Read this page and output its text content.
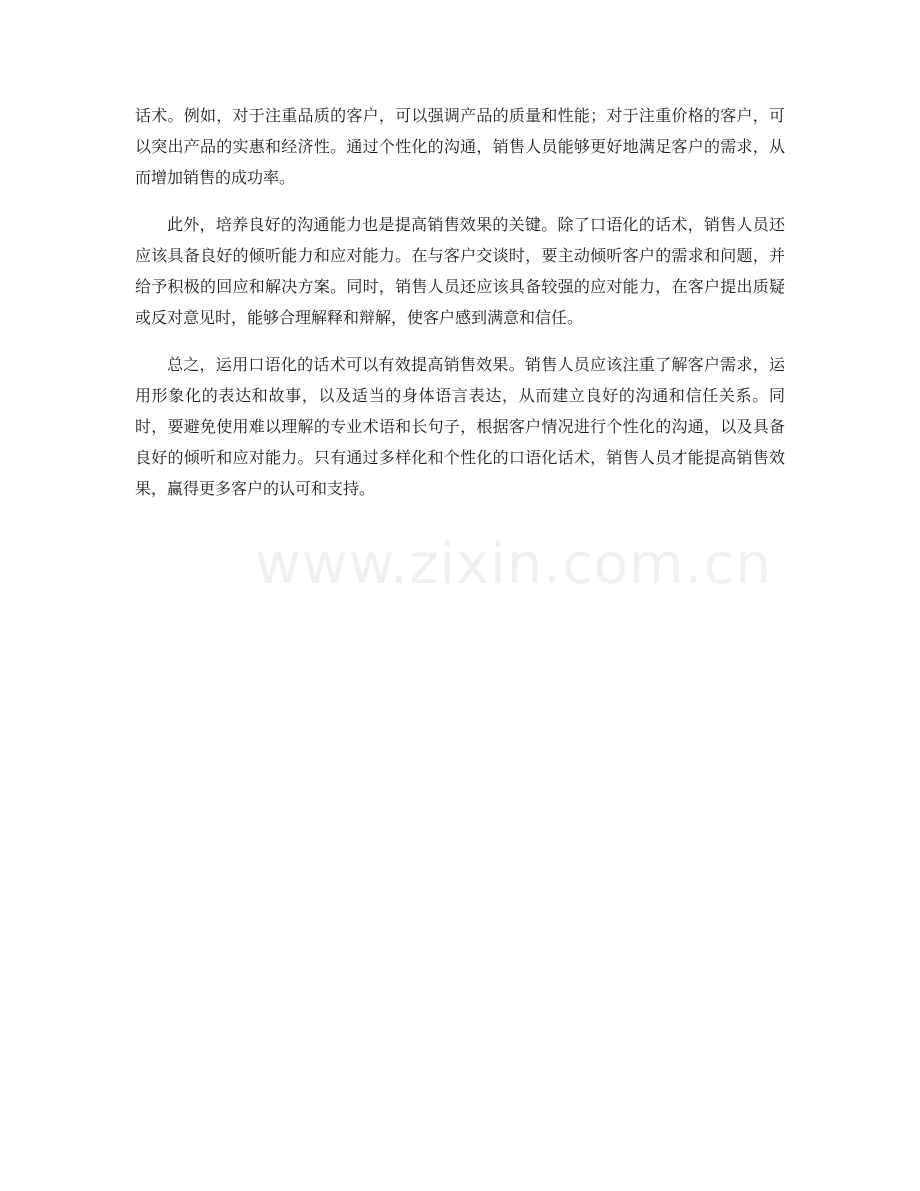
话术。例如，对于注重品质的客户，可以强调产品的质量和性能；对于注重价格的客户，可以突出产品的实惠和经济性。通过个性化的沟通，销售人员能够更好地满足客户的需求，从而增加销售的成功率。

此外，培养良好的沟通能力也是提高销售效果的关键。除了口语化的话术，销售人员还应该具备良好的倾听能力和应对能力。在与客户交谈时，要主动倾听客户的需求和问题，并给予积极的回应和解决方案。同时，销售人员还应该具备较强的应对能力，在客户提出质疑或反对意见时，能够合理解释和辩解，使客户感到满意和信任。

总之，运用口语化的话术可以有效提高销售效果。销售人员应该注重了解客户需求，运用形象化的表达和故事，以及适当的身体语言表达，从而建立良好的沟通和信任关系。同时，要避免使用难以理解的专业术语和长句子，根据客户情况进行个性化的沟通，以及具备良好的倾听和应对能力。只有通过多样化和个性化的口语化话术，销售人员才能提高销售效果，赢得更多客户的认可和支持。

www.zixin.com.cn
